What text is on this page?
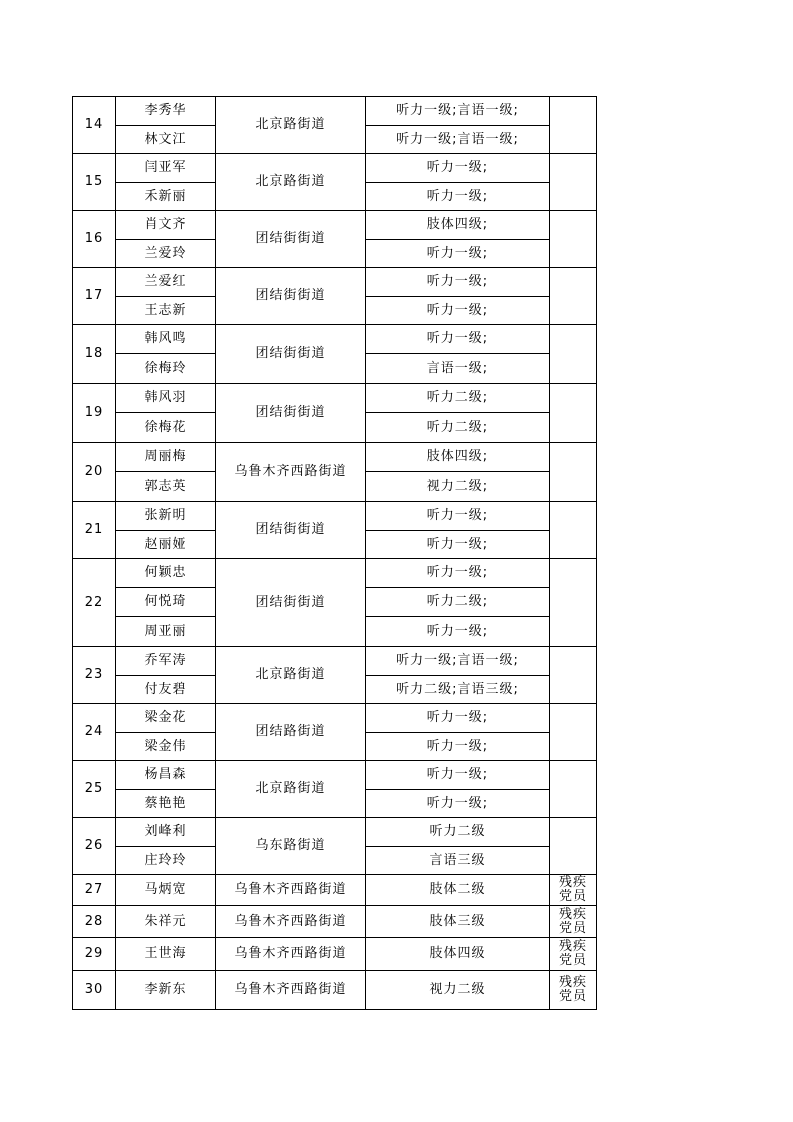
14	李秀华	北京路街道	听力一级;言语一级;	
	林文江		听力一级;言语一级;	
15	闫亚军	北京路街道	听力一级;	
	禾新丽		听力一级;	
16	肖文齐	团结街街道	肢体四级;	
	兰爱玲		听力一级;	
17	兰爱红	团结街街道	听力一级;	
	王志新		听力一级;	
18	韩风鸣	团结街街道	听力一级;	
	徐梅玲		言语一级;	
19	韩风羽	团结街街道	听力二级;	
	徐梅花		听力二级;	
20	周丽梅	乌鲁木齐西路街道	肢体四级;	
	郭志英		视力二级;	
21	张新明	团结街街道	听力一级;	
	赵丽娅		听力一级;	
22	何颖忠	团结街街道	听力一级;	
	何悦琦		听力二级;	
	周亚丽		听力一级;	
23	乔军涛	北京路街道	听力一级;言语一级;	
	付友碧		听力二级;言语三级;	
24	梁金花	团结路街道	听力一级;	
	梁金伟		听力一级;	
25	杨昌森	北京路街道	听力一级;	
	蔡艳艳		听力一级;	
26	刘峰利	乌东路街道	听力二级	
	庄玲玲		言语三级	
27	马炳宽	乌鲁木齐西路街道	肢体二级	残疾
党员

28	朱祥元	乌鲁木齐西路街道	肢体三级	残疾
党员

29	王世海	乌鲁木齐西路街道	肢体四级	残疾
党员

30	李新东	乌鲁木齐西路街道	视力二级	残疾
党员
